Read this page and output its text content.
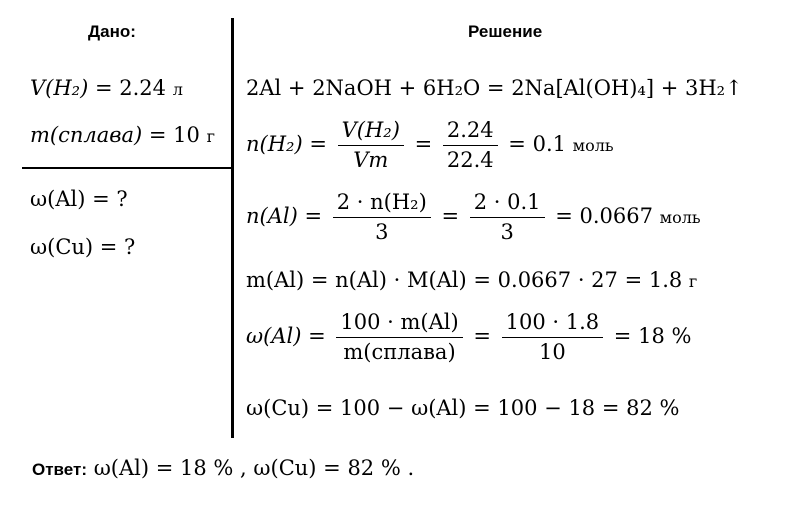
Дано:	Решение
V(H₂) = 2.24 л
m(сплава) = 10 г
ω(Al) = ?
ω(Cu) = ?
2Al + 2NaOH + 6H₂O = 2Na[Al(OH)₄] + 3H₂↑
$n(H_2) = \frac{\text{V(H₂)}}{Vm} = \frac{2.24}{22.4} = 0.1$ моль
$n(Al) = \frac{\text{2 · n(H₂)}}{3} = \frac{2 \cdot 0.1}{3} = 0.0667$ моль
m(Al) = n(Al) · M(Al) = 0.0667 · 27 = 1.8 г
$\omega(Al) = \frac{100 \cdot m(Al)}{\text{m(сплава)}} = \frac{100 \cdot 1.8}{10} = 18$ %
ω(Cu) = 100 − ω(Al) = 100 − 18 = 82 %
Ответ: ω(Al) = 18 % , ω(Cu) = 82 % .
